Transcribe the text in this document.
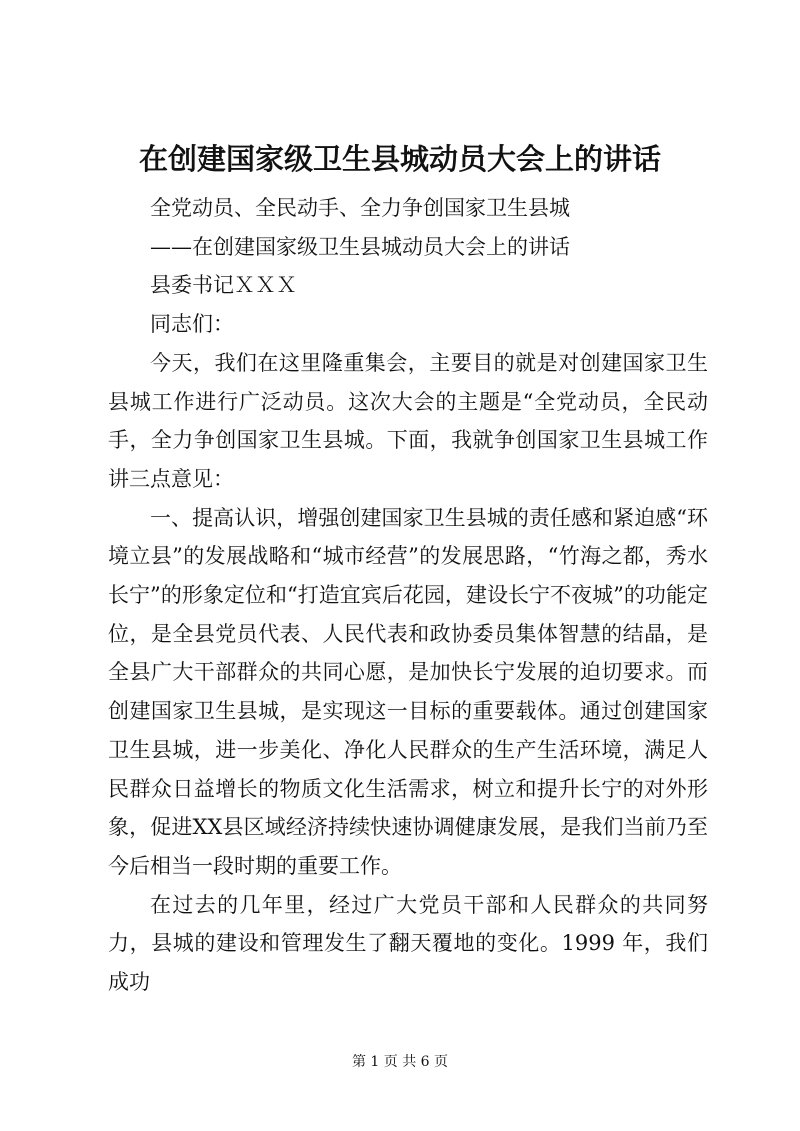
在创建国家级卫生县城动员大会上的讲话

全党动员、全民动手、全力争创国家卫生县城

——在创建国家级卫生县城动员大会上的讲话

县委书记ＸＸＸ

同志们：

今天，我们在这里隆重集会，主要目的就是对创建国家卫生县城工作进行广泛动员。这次大会的主题是“全党动员，全民动手，全力争创国家卫生县城。下面，我就争创国家卫生县城工作讲三点意见：

一、提高认识，增强创建国家卫生县城的责任感和紧迫感“环境立县”的发展战略和“城市经营”的发展思路，“竹海之都，秀水长宁”的形象定位和“打造宜宾后花园，建设长宁不夜城”的功能定位，是全县党员代表、人民代表和政协委员集体智慧的结晶，是全县广大干部群众的共同心愿，是加快长宁发展的迫切要求。而创建国家卫生县城，是实现这一目标的重要载体。通过创建国家卫生县城，进一步美化、净化人民群众的生产生活环境，满足人民群众日益增长的物质文化生活需求，树立和提升长宁的对外形象，促进XX县区域经济持续快速协调健康发展，是我们当前乃至今后相当一段时期的重要工作。

在过去的几年里，经过广大党员干部和人民群众的共同努力，县城的建设和管理发生了翻天覆地的变化。1999 年，我们成功

第 1 页 共 6 页
